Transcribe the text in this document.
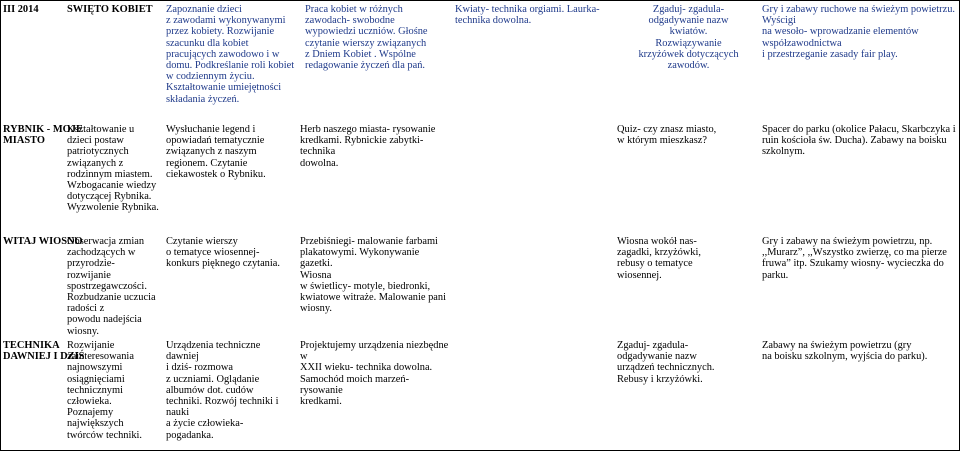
III 2014	ŚWIĘTO KOBIET	Zapoznanie dzieci
z zawodami wykonywanymi
przez kobiety. Rozwijanie
szacunku dla kobiet
pracujących zawodowo i w
domu. Podkreślanie roli kobiet
w codziennym życiu.
Kształtowanie umiejętności
składania życzeń.
Praca kobiet w różnych
zawodach- swobodne
wypowiedzi uczniów. Głośne
czytanie wierszy związanych
z Dniem Kobiet . Wspólne
redagowanie życzeń dla pań.
Kwiaty- technika orgiami. Laurka-
technika dowolna.
Zgaduj- zgadula-
odgadywanie nazw
kwiatów.
Rozwiązywanie
krzyżówek dotyczących
zawodów.
Gry i zabawy ruchowe na świeżym powietrzu.
Wyścigi
na wesoło- wprowadzanie elementów
współzawodnictwa
i przestrzeganie zasady fair play.
RYBNIK - MOJE
MIASTO
Kształtowanie u dzieci postaw
patriotycznych związanych z
rodzinnym miastem.
Wzbogacanie wiedzy
dotyczącej Rybnika.
Wyzwolenie Rybnika.
Wysłuchanie legend i
opowiadań tematycznie
związanych z naszym
regionem. Czytanie
ciekawostek o Rybniku.
Herb naszego miasta- rysowanie
kredkami. Rybnickie zabytki- technika
dowolna.
Quiz- czy znasz miasto,
w którym mieszkasz?
Spacer do parku (okolice Pałacu, Skarbczyka i
ruin kościoła św. Ducha). Zabawy na boisku
szkolnym.
WITAJ WIOSNO
Obserwacja zmian
zachodzących w przyrodzie-
rozwijanie spostrzegawczości.
Rozbudzanie uczucia radości z
powodu nadejścia wiosny.
Czytanie wierszy
o tematyce wiosennej-
konkurs pięknego czytania.
Przebiśniegi- malowanie farbami
plakatowymi. Wykonywanie gazetki.
Wiosna
w świetlicy- motyle, biedronki,
kwiatowe witraże. Malowanie pani
wiosny.
Wiosna wokół nas-
zagadki, krzyżówki,
rebusy o tematyce
wiosennej.
Gry i zabawy na świeżym powietrzu, np.
,,Murarz”, ,,Wszystko zwierzę, co ma pierze
fruwa” itp. Szukamy wiosny- wycieczka do
parku.
TECHNIKA
DAWNIEJ I DZIŚ
Rozwijanie zainteresowania
najnowszymi osiągnięciami
technicznymi człowieka.
Poznajemy największych
twórców techniki.
Urządzenia techniczne
dawniej
i dziś- rozmowa
z uczniami. Oglądanie
albumów dot. cudów
techniki. Rozwój techniki i
nauki
a życie człowieka-
pogadanka.
Projektujemy urządzenia niezbędne w
XXII wieku- technika dowolna.
Samochód moich marzeń- rysowanie
kredkami.
Zgaduj- zgadula-
odgadywanie nazw
urządzeń technicznych.
Rebusy i krzyżówki.
Zabawy na świeżym powietrzu (gry
na boisku szkolnym, wyjścia do parku).
